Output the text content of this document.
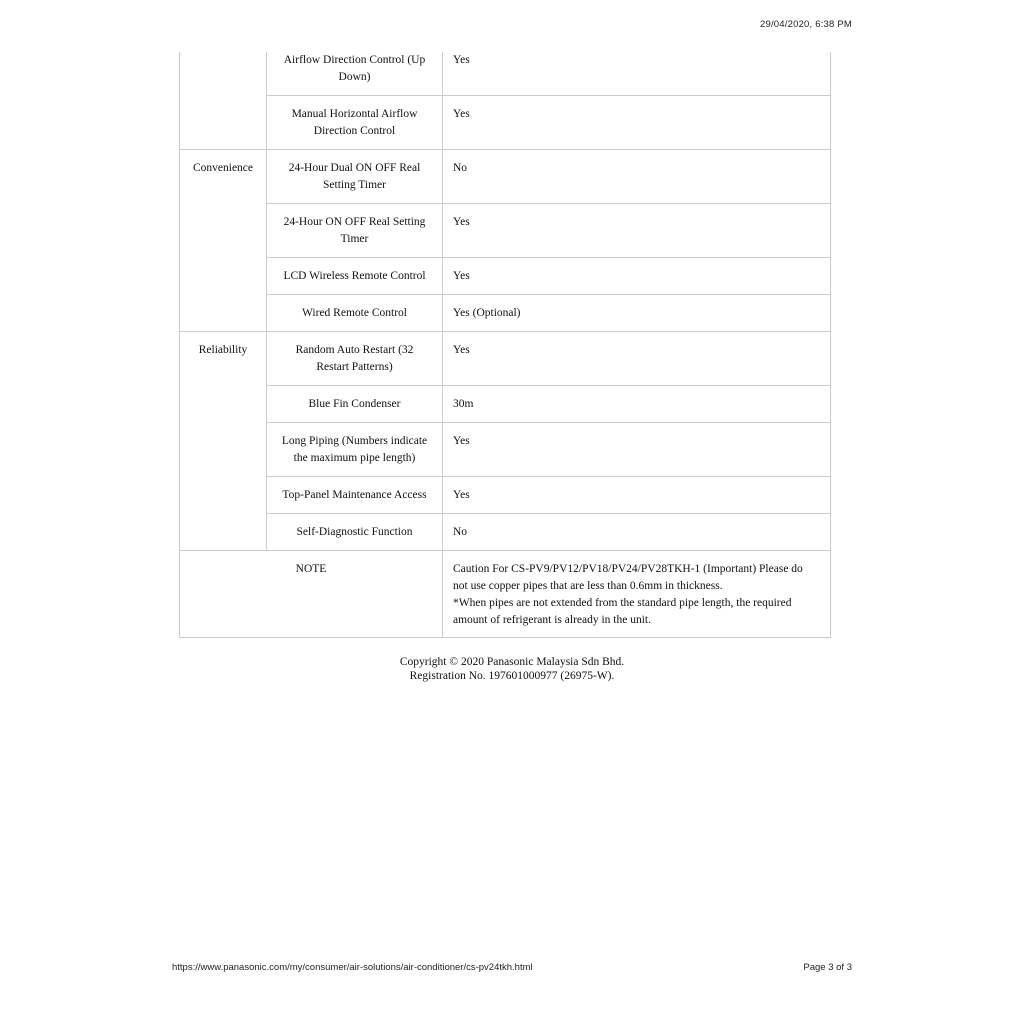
29/04/2020, 6:38 PM

	Airflow Direction Control (Up Down)	Yes

	Manual Horizontal Airflow Direction Control	Yes

Convenience	24-Hour Dual ON OFF Real Setting Timer	No

	24-Hour ON OFF Real Setting Timer	Yes

	LCD Wireless Remote Control	Yes

	Wired Remote Control	Yes (Optional)

Reliability	Random Auto Restart (32 Restart Patterns)	Yes

	Blue Fin Condenser	30m

	Long Piping (Numbers indicate the maximum pipe length)	Yes

	Top-Panel Maintenance Access	Yes

	Self-Diagnostic Function	No

NOTE		Caution For CS-PV9/PV12/PV18/PV24/PV28TKH-1 (Important) Please do not use copper pipes that are less than 0.6mm in thickness.
*When pipes are not extended from the standard pipe length, the required amount of refrigerant is already in the unit.
Copyright © 2020 Panasonic Malaysia Sdn Bhd.
Registration No. 197601000977 (26975-W).
https://www.panasonic.com/my/consumer/air-solutions/air-conditioner/cs-pv24tkh.html	Page 3 of 3
